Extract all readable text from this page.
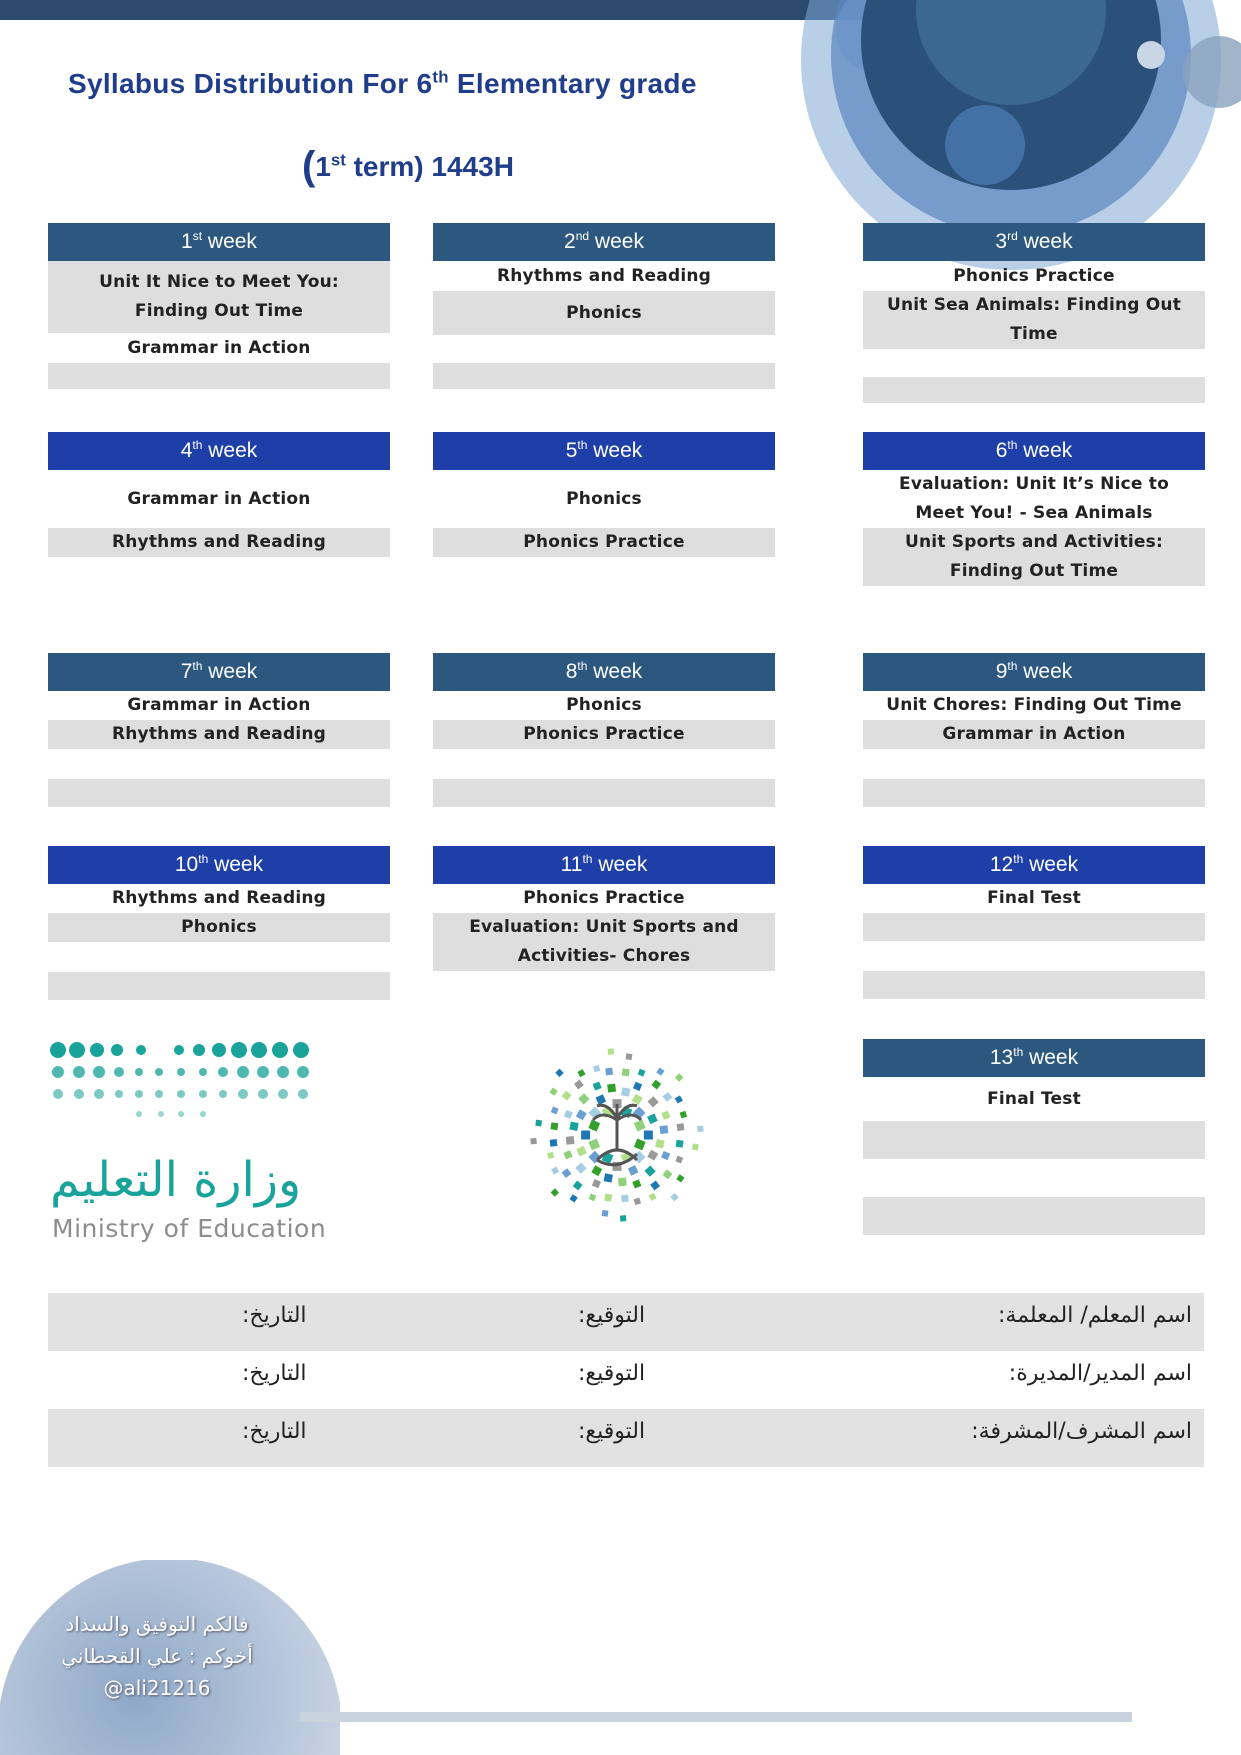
Syllabus Distribution For 6th Elementary grade
(1st term) 1443H
1st week
Unit It Nice to Meet You: Finding Out Time
Grammar in Action
2nd week
Rhythms and Reading
Phonics
3rd week
Phonics Practice
Unit Sea Animals: Finding Out Time
4th week
Grammar in Action
Rhythms and Reading
5th week
Phonics
Phonics Practice
6th week
Evaluation: Unit It’s Nice to Meet You! - Sea Animals
Unit Sports and Activities: Finding Out Time
7th week
Grammar in Action
Rhythms and Reading
8th week
Phonics
Phonics Practice
9th week
Unit Chores: Finding Out Time
Grammar in Action
10th week
Rhythms and Reading
Phonics
11th week
Phonics Practice
Evaluation: Unit Sports and Activities- Chores
12th week
Final Test
13th week
Final Test
وزارة التعليم
Ministry of Education
اسم المعلم/ المعلمة:
التوقيع:
التاريخ:
اسم المدير/المديرة:
التوقيع:
التاريخ:
اسم المشرف/المشرفة:
التوقيع:
التاريخ:
فالكم التوفيق والسداد
أخوكم : علي القحطاني
@ali21216
